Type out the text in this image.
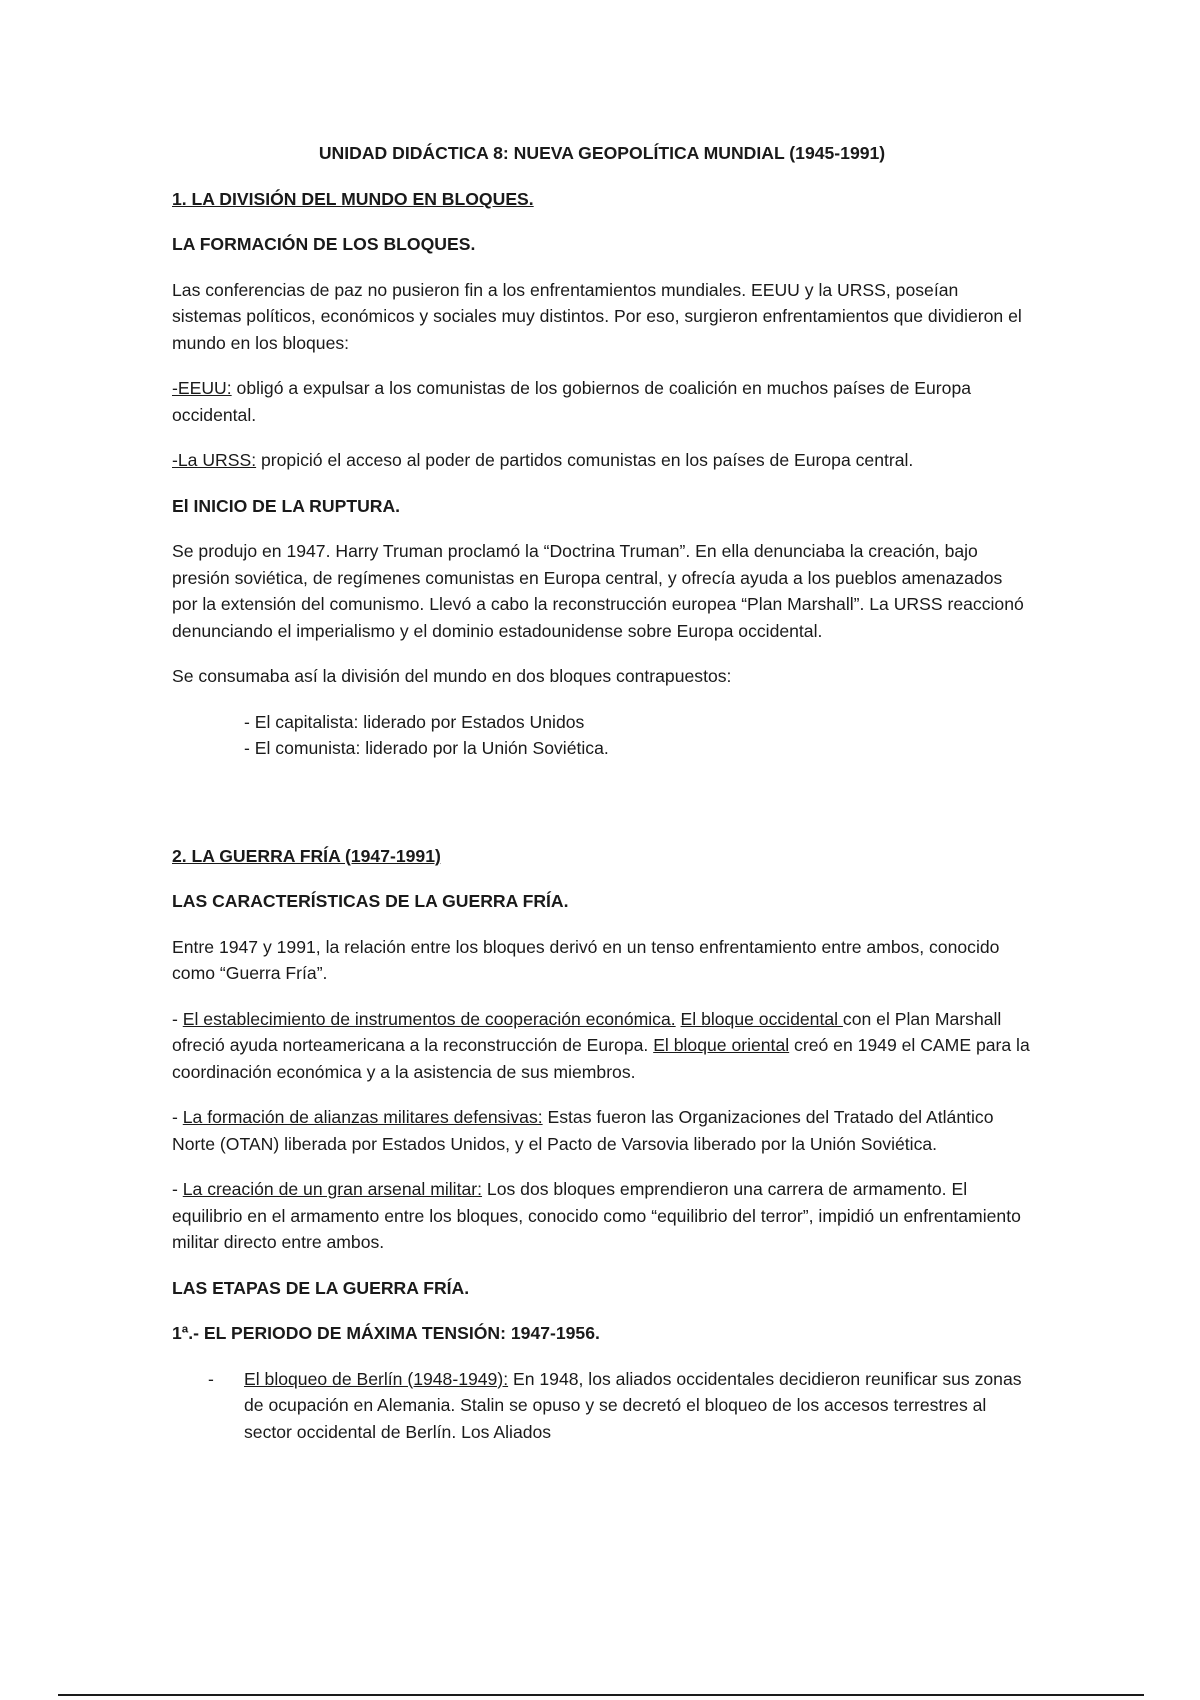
UNIDAD DIDÁCTICA 8: NUEVA GEOPOLÍTICA MUNDIAL (1945-1991)
1. LA DIVISIÓN DEL MUNDO EN BLOQUES.
LA FORMACIÓN DE LOS BLOQUES.

Las conferencias de paz no pusieron fin a los enfrentamientos mundiales. EEUU y la URSS, poseían sistemas políticos, económicos y sociales muy distintos. Por eso, surgieron enfrentamientos que dividieron el mundo en los bloques:

-EEUU: obligó a expulsar a los comunistas de los gobiernos de coalición en muchos países de Europa occidental.

-La URSS: propició el acceso al poder de partidos comunistas en los países de Europa central.

El INICIO DE LA RUPTURA.

Se produjo en 1947. Harry Truman proclamó la “Doctrina Truman”. En ella denunciaba la creación, bajo presión soviética, de regímenes comunistas en Europa central, y ofrecía ayuda a los pueblos amenazados por la extensión del comunismo. Llevó a cabo la reconstrucción europea “Plan Marshall”. La URSS reaccionó denunciando el imperialismo y el dominio estadounidense sobre Europa occidental.

Se consumaba así la división del mundo en dos bloques contrapuestos:

- El capitalista: liderado por Estados Unidos
- El comunista: liderado por la Unión Soviética.
2. LA GUERRA FRÍA (1947-1991)
LAS CARACTERÍSTICAS DE LA GUERRA FRÍA.

Entre 1947 y 1991, la relación entre los bloques derivó en un tenso enfrentamiento entre ambos, conocido como “Guerra Fría”.

- El establecimiento de instrumentos de cooperación económica. El bloque occidental con el Plan Marshall ofreció ayuda norteamericana a la reconstrucción de Europa. El bloque oriental creó en 1949 el CAME para la coordinación económica y a la asistencia de sus miembros.

- La formación de alianzas militares defensivas: Estas fueron las Organizaciones del Tratado del Atlántico Norte (OTAN) liberada por Estados Unidos, y el Pacto de Varsovia liberado por la Unión Soviética.

- La creación de un gran arsenal militar: Los dos bloques emprendieron una carrera de armamento. El equilibrio en el armamento entre los bloques, conocido como “equilibrio del terror”, impidió un enfrentamiento militar directo entre ambos.

LAS ETAPAS DE LA GUERRA FRÍA.
1ª.- EL PERIODO DE MÁXIMA TENSIÓN: 1947-1956.
- El bloqueo de Berlín (1948-1949): En 1948, los aliados occidentales decidieron reunificar sus zonas de ocupación en Alemania. Stalin se opuso y se decretó el bloqueo de los accesos terrestres al sector occidental de Berlín. Los Aliados
